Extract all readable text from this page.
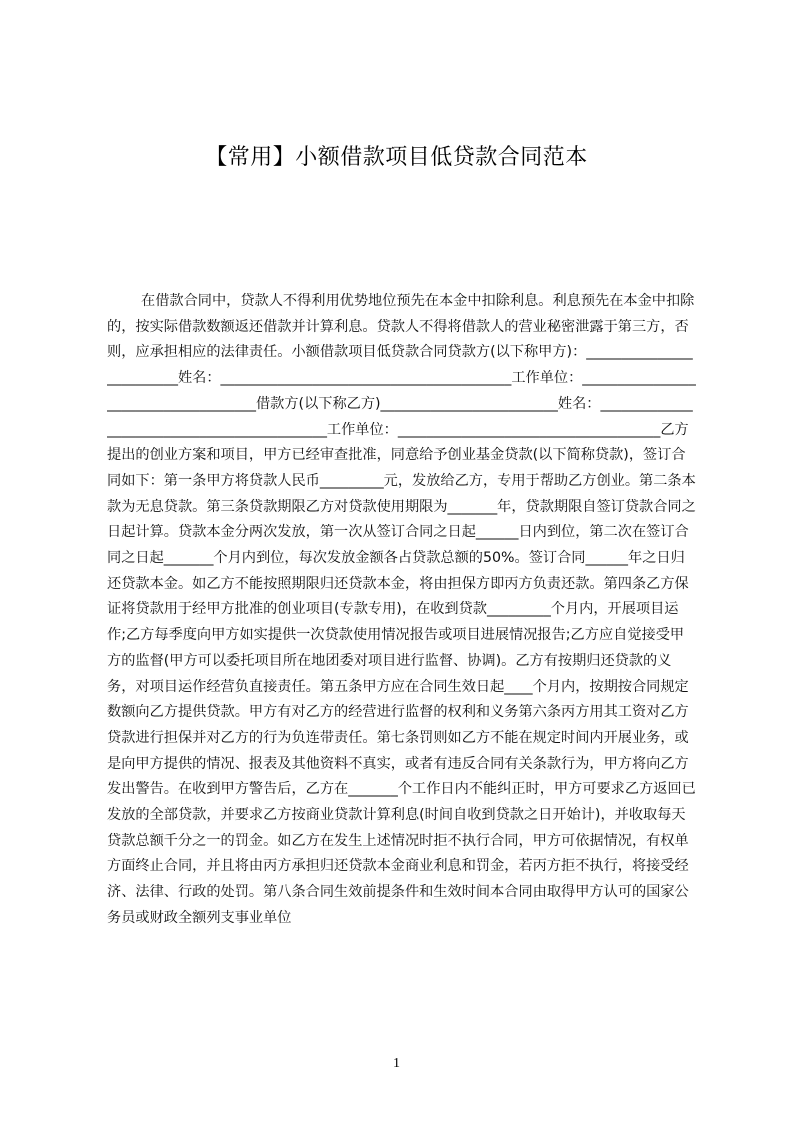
【常用】小额借款项目低贷款合同范本

在借款合同中，贷款人不得利用优势地位预先在本金中扣除利息。利息预先在本金中扣除的，按实际借款数额返还借款并计算利息。贷款人不得将借款人的营业秘密泄露于第三方，否则，应承担相应的法律责任。小额借款项目低贷款合同贷款方(以下称甲方)：_________________________姓名：_________________________________________工作单位：_____________________________________借款方(以下称乙方)_________________________姓名：____________________________________________工作单位：_____________________________________乙方提出的创业方案和项目，甲方已经审查批准，同意给予创业基金贷款(以下简称贷款)，签订合同如下：第一条甲方将贷款人民币_________元，发放给乙方，专用于帮助乙方创业。第二条本款为无息贷款。第三条贷款期限乙方对贷款使用期限为_______年，贷款期限自签订贷款合同之日起计算。贷款本金分两次发放，第一次从签订合同之日起______日内到位，第二次在签订合同之日起_______个月内到位，每次发放金额各占贷款总额的50%。签订合同______年之日归还贷款本金。如乙方不能按照期限归还贷款本金，将由担保方即丙方负责还款。第四条乙方保证将贷款用于经甲方批准的创业项目(专款专用)，在收到贷款_________个月内，开展项目运作;乙方每季度向甲方如实提供一次贷款使用情况报告或项目进展情况报告;乙方应自觉接受甲方的监督(甲方可以委托项目所在地团委对项目进行监督、协调)。乙方有按期归还贷款的义务，对项目运作经营负直接责任。第五条甲方应在合同生效日起____个月内，按期按合同规定数额向乙方提供贷款。甲方有对乙方的经营进行监督的权利和义务第六条丙方用其工资对乙方贷款进行担保并对乙方的行为负连带责任。第七条罚则如乙方不能在规定时间内开展业务，或是向甲方提供的情况、报表及其他资料不真实，或者有违反合同有关条款行为，甲方将向乙方发出警告。在收到甲方警告后，乙方在_______个工作日内不能纠正时，甲方可要求乙方返回已发放的全部贷款，并要求乙方按商业贷款计算利息(时间自收到贷款之日开始计)，并收取每天贷款总额千分之一的罚金。如乙方在发生上述情况时拒不执行合同，甲方可依据情况，有权单方面终止合同，并且将由丙方承担归还贷款本金商业利息和罚金，若丙方拒不执行，将接受经济、法律、行政的处罚。第八条合同生效前提条件和生效时间本合同由取得甲方认可的国家公务员或财政全额列支事业单位

1
